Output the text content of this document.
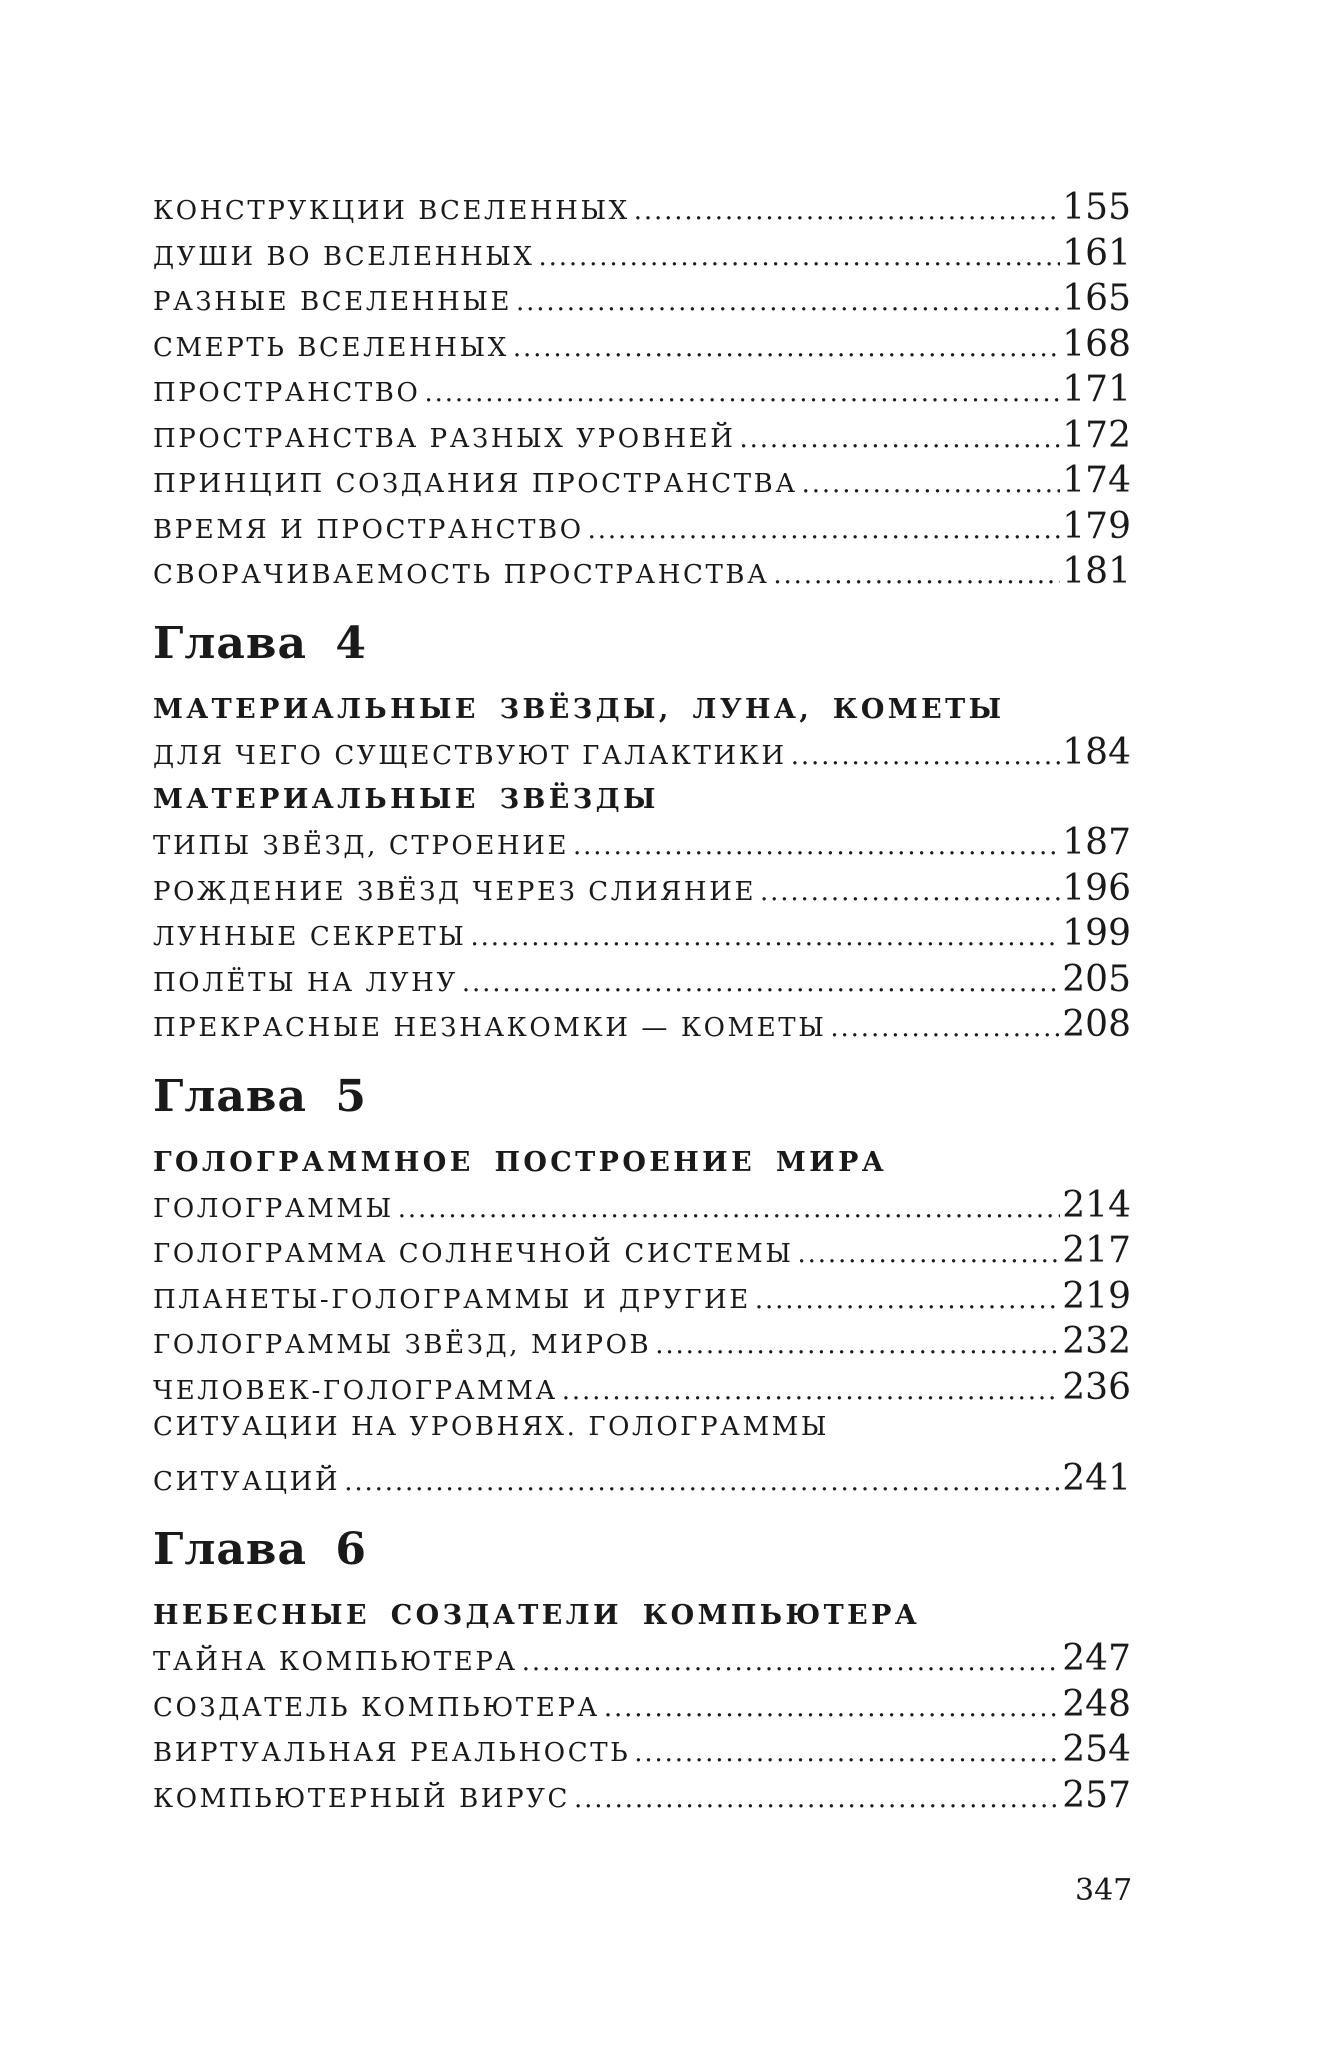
КОНСТРУКЦИИ ВСЕЛЕННЫХ . . .	155
ДУШИ ВО ВСЕЛЕННЫХ . . .	161
РАЗНЫЕ ВСЕЛЕННЫЕ . . .	165
СМЕРТЬ ВСЕЛЕННЫХ . . .	168
ПРОСТРАНСТВО . . .	171
ПРОСТРАНСТВА РАЗНЫХ УРОВНЕЙ . . .	172
ПРИНЦИП СОЗДАНИЯ ПРОСТРАНСТВА . . .	174
ВРЕМЯ И ПРОСТРАНСТВО . . .	179
СВОРАЧИВАЕМОСТЬ ПРОСТРАНСТВА . . .	181
Глава 4
МАТЕРИАЛЬНЫЕ ЗВЁЗДЫ, ЛУНА, КОМЕТЫ
ДЛЯ ЧЕГО СУЩЕСТВУЮТ ГАЛАКТИКИ . . .	184
МАТЕРИАЛЬНЫЕ ЗВЁЗДЫ
ТИПЫ ЗВЁЗД, СТРОЕНИЕ . . .	187
РОЖДЕНИЕ ЗВЁЗД ЧЕРЕЗ СЛИЯНИЕ . . .	196
ЛУННЫЕ СЕКРЕТЫ . . .	199
ПОЛЁТЫ НА ЛУНУ . . .	205
ПРЕКРАСНЫЕ НЕЗНАКОМКИ — КОМЕТЫ . . .	208
Глава 5
ГОЛОГРАММНОЕ ПОСТРОЕНИЕ МИРА
ГОЛОГРАММЫ . . .	214
ГОЛОГРАММА СОЛНЕЧНОЙ СИСТЕМЫ . . .	217
ПЛАНЕТЫ-ГОЛОГРАММЫ И ДРУГИЕ . . .	219
ГОЛОГРАММЫ ЗВЁЗД, МИРОВ . . .	232
ЧЕЛОВЕК-ГОЛОГРАММА . . .	236
СИТУАЦИИ НА УРОВНЯХ. ГОЛОГРАММЫ
СИТУАЦИЙ . . .	241
Глава 6
НЕБЕСНЫЕ СОЗДАТЕЛИ КОМПЬЮТЕРА
ТАЙНА КОМПЬЮТЕРА . . .	247
СОЗДАТЕЛЬ КОМПЬЮТЕРА . . .	248
ВИРТУАЛЬНАЯ РЕАЛЬНОСТЬ . . .	254
КОМПЬЮТЕРНЫЙ ВИРУС . . .	257
347
